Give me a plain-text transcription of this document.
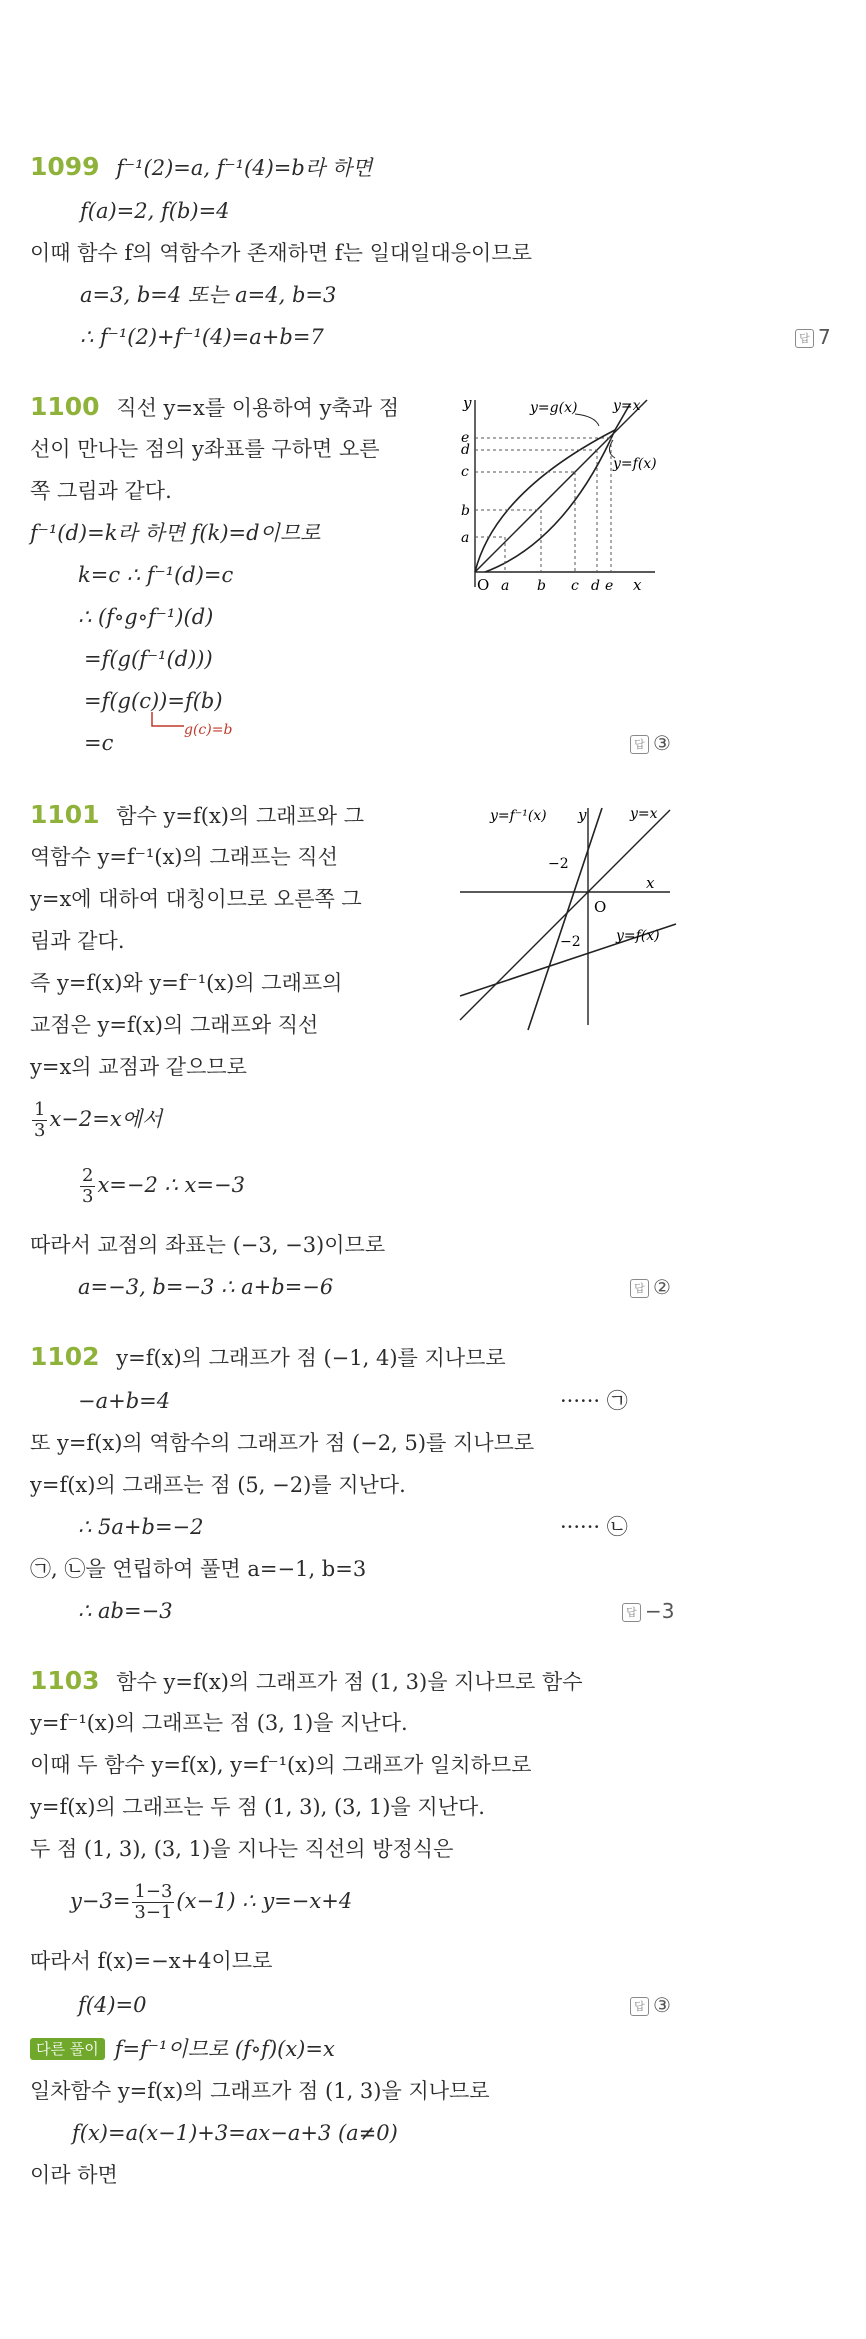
1099 f⁻¹(2)=a, f⁻¹(4)=b라 하면
f(a)=2, f(b)=4
이때 함수 f의 역함수가 존재하면 f는 일대일대응이므로
a=3, b=4 또는 a=4, b=3
∴ f⁻¹(2)+f⁻¹(4)=a+b=7	답 7
1100 직선 y=x를 이용하여 y축과 점
선이 만나는 점의 y좌표를 구하면 오른
쪽 그림과 같다.
f⁻¹(d)=k라 하면 f(k)=d이므로
k=c ∴ f⁻¹(d)=c
∴ (f∘g∘f⁻¹)(d)
=f(g(f⁻¹(d)))
=f(g(c))=f(b)
=c
g(c)=b
답 ③
x
y
O a b c d e
a
b
c
d
e
y=g(x)	y=x
y=f(x)
1101 함수 y=f(x)의 그래프와 그
역함수 y=f⁻¹(x)의 그래프는 직선
y=x에 대하여 대칭이므로 오른쪽 그
림과 같다.
즉 y=f(x)와 y=f⁻¹(x)의 그래프의
교점은 y=f(x)의 그래프와 직선
y=x의 교점과 같으므로
$\frac{1}{3} x-2=x$에서
$\frac{2}{3} x=-2$ ∴ x=−3
따라서 교점의 좌표는 (−3, −3)이므로
a=−3, b=−3 ∴ a+b=−6	답 ②
x
y
O
y=f⁻¹(x)	y=x
y=f(x)
−2
−2
1102 y=f(x)의 그래프가 점 (−1, 4)를 지나므로
−a+b=4	······ ㉠
또 y=f(x)의 역함수의 그래프가 점 (−2, 5)를 지나므로
y=f(x)의 그래프는 점 (5, −2)를 지난다.
∴ 5a+b=−2	······ ㉡
㉠, ㉡을 연립하여 풀면 a=−1, b=3
∴ ab=−3	답 −3
1103 함수 y=f(x)의 그래프가 점 (1, 3)을 지나므로 함수
y=f⁻¹(x)의 그래프는 점 (3, 1)을 지난다.
이때 두 함수 y=f(x), y=f⁻¹(x)의 그래프가 일치하므로
y=f(x)의 그래프는 두 점 (1, 3), (3, 1)을 지난다.
두 점 (1, 3), (3, 1)을 지나는 직선의 방정식은
$y-3= \frac{1-3}{3-1} (x-1)$ ∴ y=−x+4
따라서 f(x)=−x+4이므로
f(4)=0	답 ③
다른 풀이 f=f⁻¹이므로 (f∘f)(x)=x
일차함수 y=f(x)의 그래프가 점 (1, 3)을 지나므로
f(x)=a(x−1)+3=ax−a+3 (a≠0)
이라 하면
